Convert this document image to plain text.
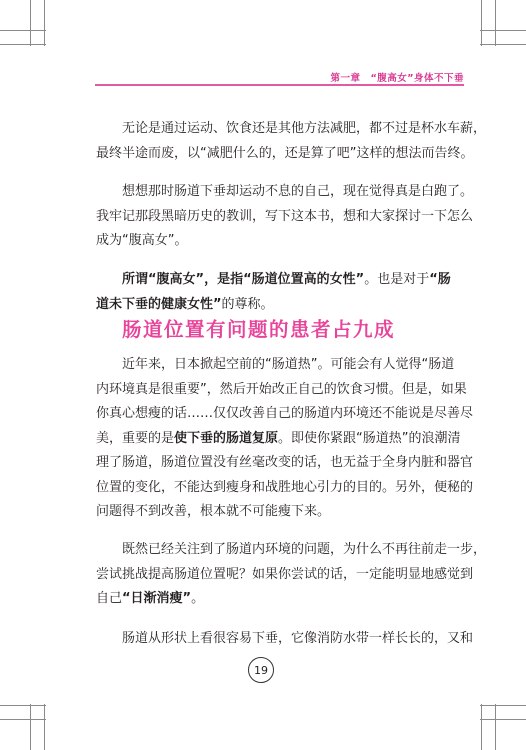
第一章　“腹高女”身体不下垂
　　无论是通过运动、饮食还是其他方法减肥，都不过是杯水车薪，
最终半途而废，以“减肥什么的，还是算了吧”这样的想法而告终。
　　想想那时肠道下垂却运动不息的自己，现在觉得真是白跑了。
我牢记那段黑暗历史的教训，写下这本书，想和大家探讨一下怎么
成为“腹高女”。
　　所谓“腹高女”，是指“肠道位置高的女性”。也是对于“肠
道未下垂的健康女性”的尊称。
肠道位置有问题的患者占九成
　　近年来，日本掀起空前的“肠道热”。可能会有人觉得“肠道
内环境真是很重要”，然后开始改正自己的饮食习惯。但是，如果
你真心想瘦的话……仅仅改善自己的肠道内环境还不能说是尽善尽
美，重要的是使下垂的肠道复原。即使你紧跟“肠道热”的浪潮清
理了肠道，肠道位置没有丝毫改变的话，也无益于全身内脏和器官
位置的变化，不能达到瘦身和战胜地心引力的目的。另外，便秘的
问题得不到改善，根本就不可能瘦下来。
　　既然已经关注到了肠道内环境的问题，为什么不再往前走一步，
尝试挑战提高肠道位置呢？如果你尝试的话，一定能明显地感觉到
自己“日渐消瘦”。
　　肠道从形状上看很容易下垂，它像消防水带一样长长的，又和
19
